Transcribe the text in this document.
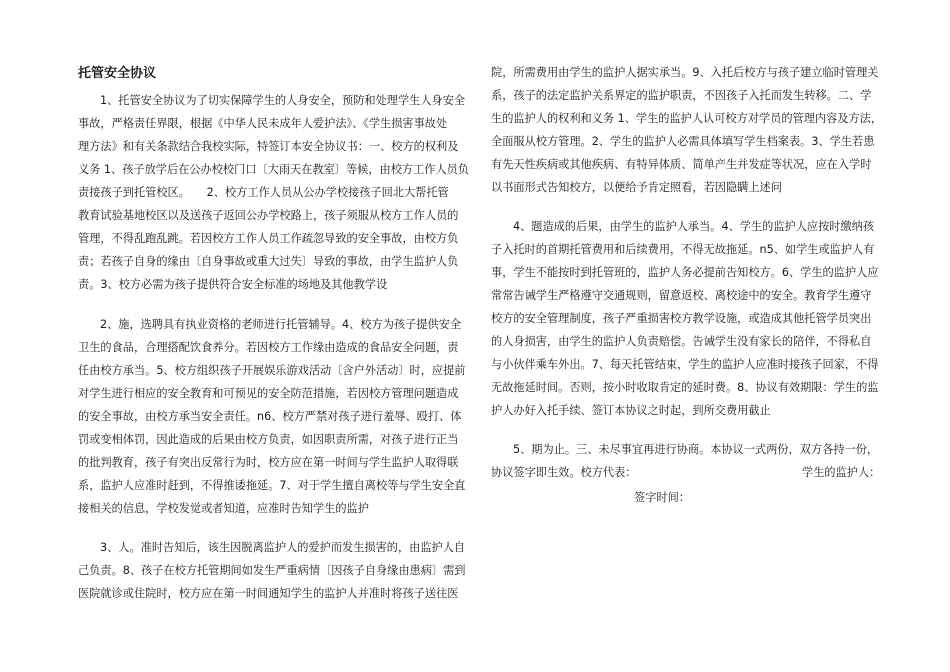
托管安全协议
1、托管安全协议为了切实保障学生的人身安全，预防和处理学生人身安全
事故，严格责任界限，根据《中华人民未成年人爱护法》、《学生损害事故处
理方法》和有关条款结合我校实际，特签订本安全协议书：一、校方的权利及
义务 1、孩子放学后在公办校校门口〔大雨天在教室〕等候，由校方工作人员负
责接孩子到托管校区。　　2、校方工作人员从公办学校接孩子回北大帮托管
教育试验基地校区以及送孩子返回公办学校路上，孩子须服从校方工作人员的
管理，不得乱跑乱跳。若因校方工作人员工作疏忽导致的安全事故，由校方负
责；若孩子自身的缘由〔自身事故或重大过失〕导致的事故，由学生监护人负
责。3、校方必需为孩子提供符合安全标准的场地及其他教学设
2、施，选聘具有执业资格的老师进行托管辅导。4、校方为孩子提供安全
卫生的食品，合理搭配饮食养分。若因校方工作缘由造成的食品安全问题，责
任由校方承当。5、校方组织孩子开展娱乐游戏活动〔含户外活动〕时，应提前
对学生进行相应的安全教育和可预见的安全防范措施，若因校方管理问题造成
的安全事故，由校方承当安全责任。n6、校方严禁对孩子进行羞辱、殴打、体
罚或变相体罚，因此造成的后果由校方负责，如因职责所需，对孩子进行正当
的批判教育，孩子有突出反常行为时，校方应在第一时间与学生监护人取得联
系，监护人应准时赶到，不得推诿拖延。7、对于学生擅自离校等与学生安全直
接相关的信息，学校发觉或者知道，应准时告知学生的监护
3、人。准时告知后，该生因脱离监护人的爱护而发生损害的，由监护人自
己负责。8、孩子在校方托管期间如发生严重病情〔因孩子自身缘由患病〕需到
医院就诊或住院时，校方应在第一时间通知学生的监护人并准时将孩子送往医
院，所需费用由学生的监护人据实承当。9、入托后校方与孩子建立临时管理关
系，孩子的法定监护关系界定的监护职责，不因孩子入托而发生转移。二、学
生的监护人的权利和义务 1、学生的监护人认可校方对学员的管理内容及方法，
全面服从校方管理。2、学生的监护人必需具体填写学生档案表。3、学生若患
有先天性疾病或其他疾病、有特异体质、简单产生并发症等状况，应在入学时
以书面形式告知校方，以便给予肯定照看，若因隐瞒上述问
4、题造成的后果，由学生的监护人承当。4、学生的监护人应按时缴纳孩
子入托时的首期托管费用和后续费用，不得无故拖延。n5、如学生或监护人有
事，学生不能按时到托管班的，监护人务必提前告知校方。6、学生的监护人应
常常告诫学生严格遵守交通规则，留意返校、离校途中的安全。教育学生遵守
校方的安全管理制度，孩子严重损害校方教学设施，或造成其他托管学员突出
的人身损害，由学生的监护人负责赔偿。告诫学生没有家长的陪伴，不得私自
与小伙伴乘车外出。7、每天托管结束，学生的监护人应准时接孩子回家，不得
无故拖延时间。否则，按小时收取肯定的延时费。8、协议有效期限：学生的监
护人办好入托手续、签订本协议之时起，到所交费用截止
5、期为止。三、未尽事宜再进行协商。本协议一式两份，双方各持一份，
协议签字即生效。校方代表：	学生的监护人：
签字时间：
